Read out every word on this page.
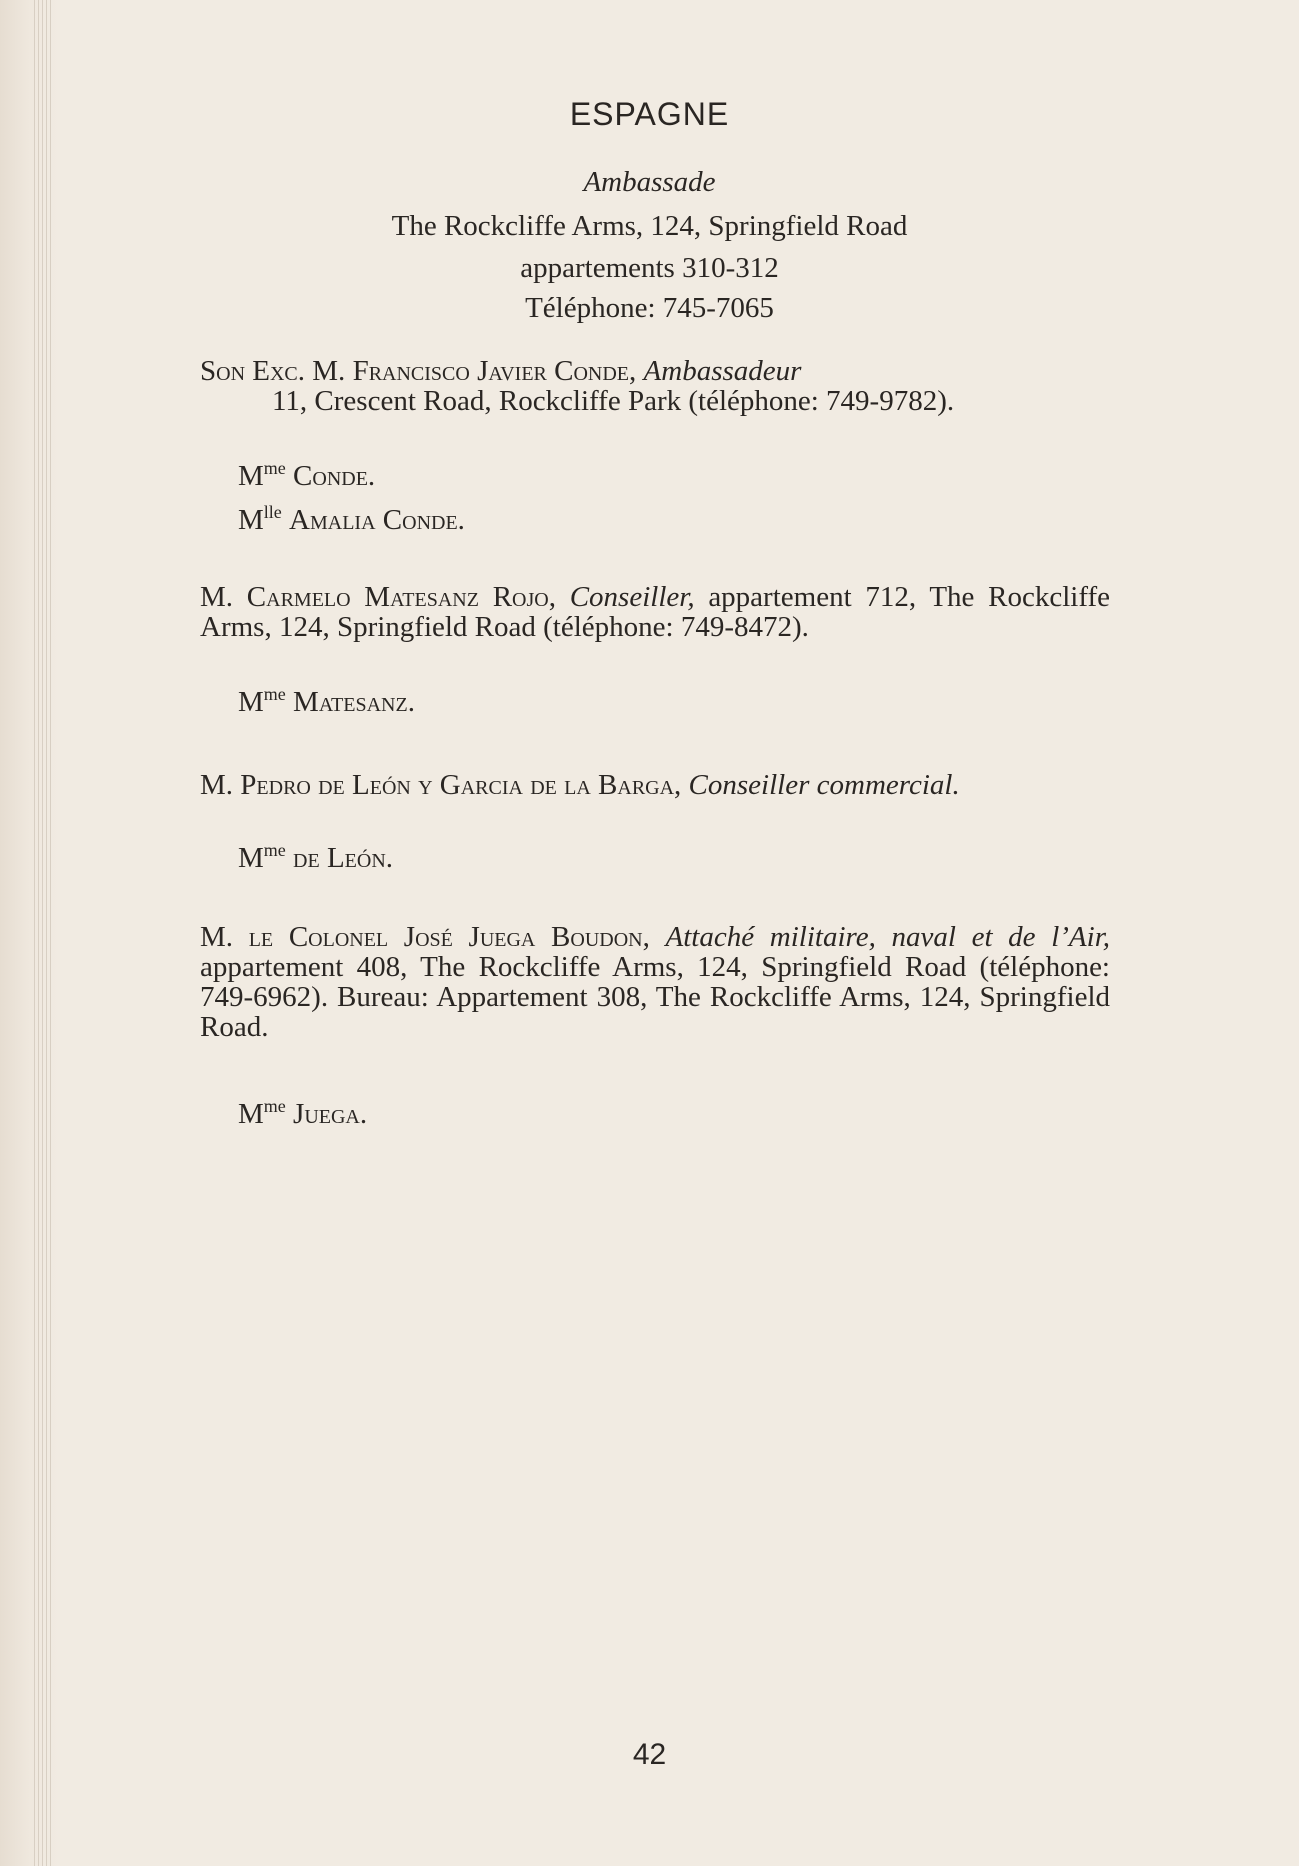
ESPAGNE
Ambassade
The Rockcliffe Arms, 124, Springfield Road
appartements 310-312
Téléphone: 745-7065
Son Exc. M. Francisco Javier Conde, Ambassadeur
11, Crescent Road, Rockcliffe Park (téléphone: 749-9782).
$M^{me}$ Conde.
$M^{lle}$ Amalia Conde.
M. Carmelo Matesanz Rojo, Conseiller, appartement 712, The Rockcliffe Arms, 124, Springfield Road (téléphone: 749-8472).
$M^{me}$ Matesanz.
M. Pedro de León y Garcia de la Barga, Conseiller commercial.
$M^{me}$ de León.
M. le Colonel José Juega Boudon, Attaché militaire, naval et de l’Air, appartement 408, The Rockcliffe Arms, 124, Springfield Road (téléphone: 749-6962). Bureau: Appartement 308, The Rockcliffe Arms, 124, Springfield Road.
$M^{me}$ Juega.
42
